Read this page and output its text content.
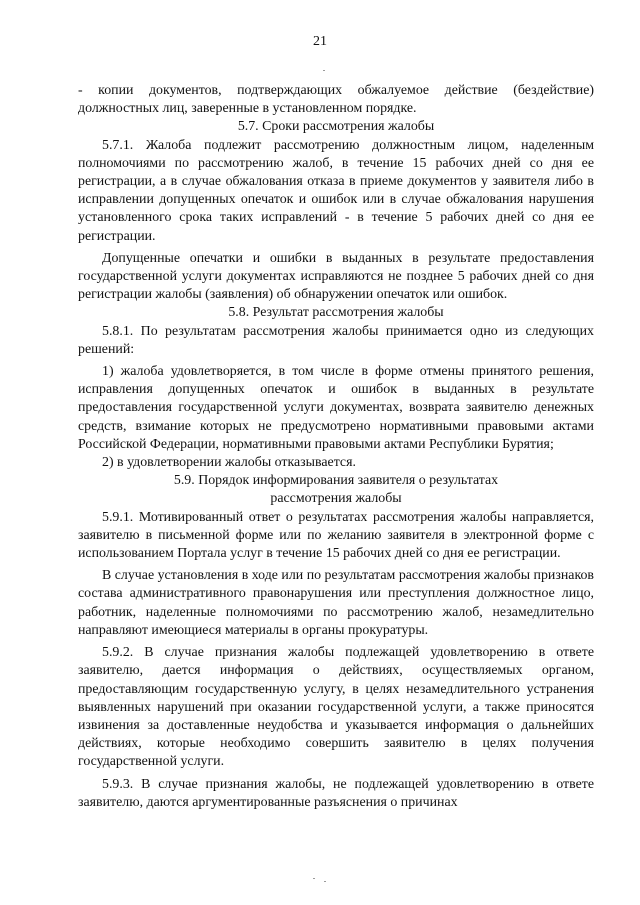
21

- копии документов, подтверждающих обжалуемое действие (бездействие) должностных лиц, заверенные в установленном порядке.

5.7. Сроки рассмотрения жалобы

5.7.1. Жалоба подлежит рассмотрению должностным лицом, наделенным полномочиями по рассмотрению жалоб, в течение 15 рабочих дней со дня ее регистрации, а в случае обжалования отказа в приеме документов у заявителя либо в исправлении допущенных опечаток и ошибок или в случае обжалования нарушения установленного срока таких исправлений - в течение 5 рабочих дней со дня ее регистрации.

Допущенные опечатки и ошибки в выданных в результате предоставления государственной услуги документах исправляются не позднее 5 рабочих дней со дня регистрации жалобы (заявления) об обнаружении опечаток или ошибок.

5.8. Результат рассмотрения жалобы

5.8.1. По результатам рассмотрения жалобы принимается одно из следующих решений:

1) жалоба удовлетворяется, в том числе в форме отмены принятого решения, исправления допущенных опечаток и ошибок в выданных в результате предоставления государственной услуги документах, возврата заявителю денежных средств, взимание которых не предусмотрено нормативными правовыми актами Российской Федерации, нормативными правовыми актами Республики Бурятия;

2) в удовлетворении жалобы отказывается.

5.9. Порядок информирования заявителя о результатах

рассмотрения жалобы

5.9.1. Мотивированный ответ о результатах рассмотрения жалобы направляется, заявителю в письменной форме или по желанию заявителя в электронной форме с использованием Портала услуг в течение 15 рабочих дней со дня ее регистрации.

В случае установления в ходе или по результатам рассмотрения жалобы признаков состава административного правонарушения или преступления должностное лицо, работник, наделенные полномочиями по рассмотрению жалоб, незамедлительно направляют имеющиеся материалы в органы прокуратуры.

5.9.2. В случае признания жалобы подлежащей удовлетворению в ответе заявителю, дается информация о действиях, осуществляемых органом, предоставляющим государственную услугу, в целях незамедлительного устранения выявленных нарушений при оказании государственной услуги, а также приносятся извинения за доставленные неудобства и указывается информация о дальнейших действиях, которые необходимо совершить заявителю в целях получения государственной услуги.

5.9.3. В случае признания жалобы, не подлежащей удовлетворению в ответе заявителю, даются аргументированные разъяснения о причинах
